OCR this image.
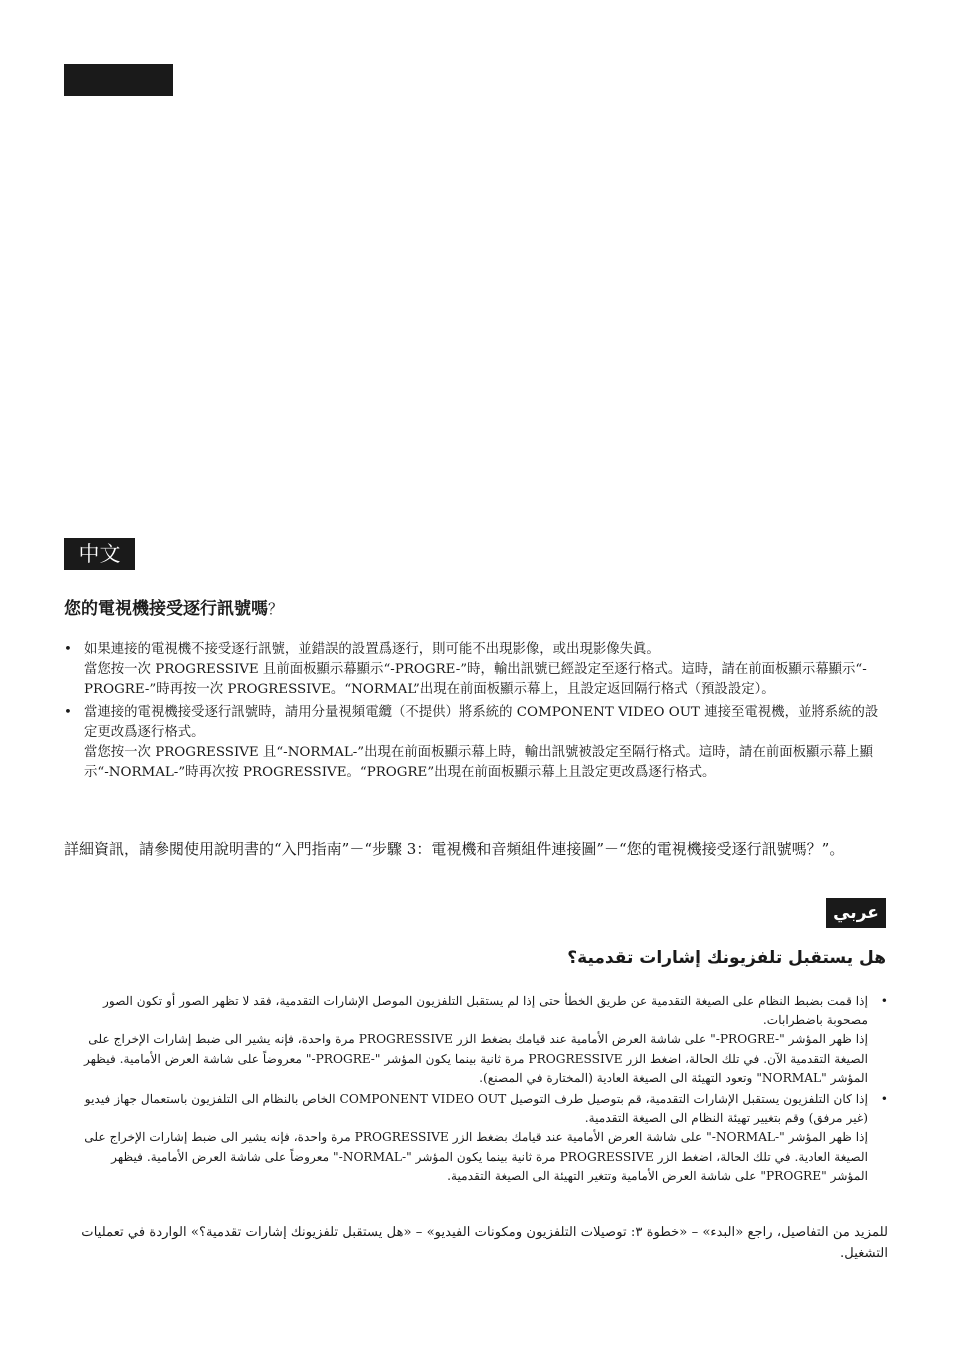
中文
您的電視機接受逐行訊號嗎？
• 如果連接的電視機不接受逐行訊號，並錯誤的設置爲逐行，則可能不出現影像，或出現影像失眞。

當您按一次 PROGRESSIVE 且前面板顯示幕顯示“-PROGRE-”時，輸出訊號已經設定至逐行格式。這時，請在前面板顯示幕顯示“-PROGRE-”時再按一次 PROGRESSIVE。“NORMAL”出現在前面板顯示幕上，且設定返回隔行格式（預設設定）。

• 當連接的電視機接受逐行訊號時，請用分量視頻電纜（不提供）將系統的 COMPONENT VIDEO OUT 連接至電視機，並將系統的設定更改爲逐行格式。

當您按一次 PROGRESSIVE 且“-NORMAL-”出現在前面板顯示幕上時，輸出訊號被設定至隔行格式。這時，請在前面板顯示幕上顯示“-NORMAL-”時再次按 PROGRESSIVE。“PROGRE”出現在前面板顯示幕上且設定更改爲逐行格式。

詳細資訊，請參閱使用說明書的“入門指南”－“步驟 3：電視機和音頻組件連接圖”－“您的電視機接受逐行訊號嗎？”。

عربي
هل يستقبل تلفزيونك إشارات تقدمية؟
•

إذا قمت بضبط النظام على الصيغة التقدمية عن طريق الخطأ حتى إذا لم يستقبل التلفزيون الموصل الإشارات التقدمية، فقد لا تظهر الصور أو تكون الصور مصحوبة باضطرابات.

إذا ظهر المؤشر "-PROGRE-" على شاشة العرض الأمامية عند قيامك بضغط الزر PROGRESSIVE مرة واحدة، فإنه يشير الى ضبط إشارات الإخراج على الصيغة التقدمية الآن. في تلك الحالة، اضغط الزر PROGRESSIVE مرة ثانية بينما يكون المؤشر "-PROGRE-" معروضاً على شاشة العرض الأمامية. فيظهر المؤشر "NORMAL" وتعود التهيئة الى الصيغة العادية (المختارة في المصنع).

•

إذا كان التلفزيون يستقبل الإشارات التقدمية، قم بتوصيل طرف التوصيل COMPONENT VIDEO OUT الخاص بالنظام الى التلفزيون باستعمال جهاز فيديو (غير مرفق) وقم بتغيير تهيئة النظام الى الصيغة التقدمية.

إذا ظهر المؤشر "-NORMAL-" على شاشة العرض الأمامية عند قيامك بضغط الزر PROGRESSIVE مرة واحدة، فإنه يشير الى ضبط إشارات الإخراج على الصيغة العادية. في تلك الحالة، اضغط الزر PROGRESSIVE مرة ثانية بينما يكون المؤشر "-NORMAL-" معروضاً على شاشة العرض الأمامية. فيظهر المؤشر "PROGRE" على شاشة العرض الأمامية وتتغير التهيئة الى الصيغة التقدمية.

للمزيد من التفاصيل، راجع «البدء» – «خطوة ٣: توصيلات التلفزيون ومكونات الفيديو» – «هل يستقبل تلفزيونك إشارات تقدمية؟» الواردة في تعمليات التشغيل.
